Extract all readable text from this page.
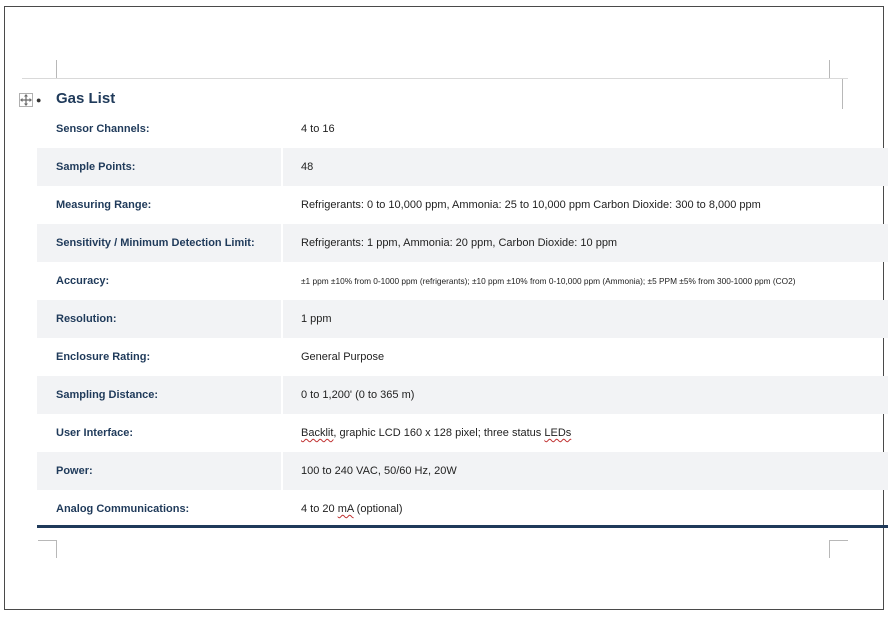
● Gas List
Sensor Channels:	4 to 16
Sample Points:	48
Measuring Range:	Refrigerants: 0 to 10,000 ppm, Ammonia: 25 to 10,000 ppm Carbon Dioxide: 300 to 8,000 ppm
Sensitivity / Minimum Detection Limit:	Refrigerants: 1 ppm, Ammonia: 20 ppm, Carbon Dioxide: 10 ppm
Accuracy:	±1 ppm ±10% from 0-1000 ppm (refrigerants); ±10 ppm ±10% from 0-10,000 ppm (Ammonia); ±5 PPM ±5% from 300-1000 ppm (CO2)
Resolution:	1 ppm
Enclosure Rating:	General Purpose
Sampling Distance:	0 to 1,200' (0 to 365 m)
User Interface:	Backlit, graphic LCD 160 x 128 pixel; three status LEDs
Power:	100 to 240 VAC, 50/60 Hz, 20W
Analog Communications:	4 to 20 mA (optional)
